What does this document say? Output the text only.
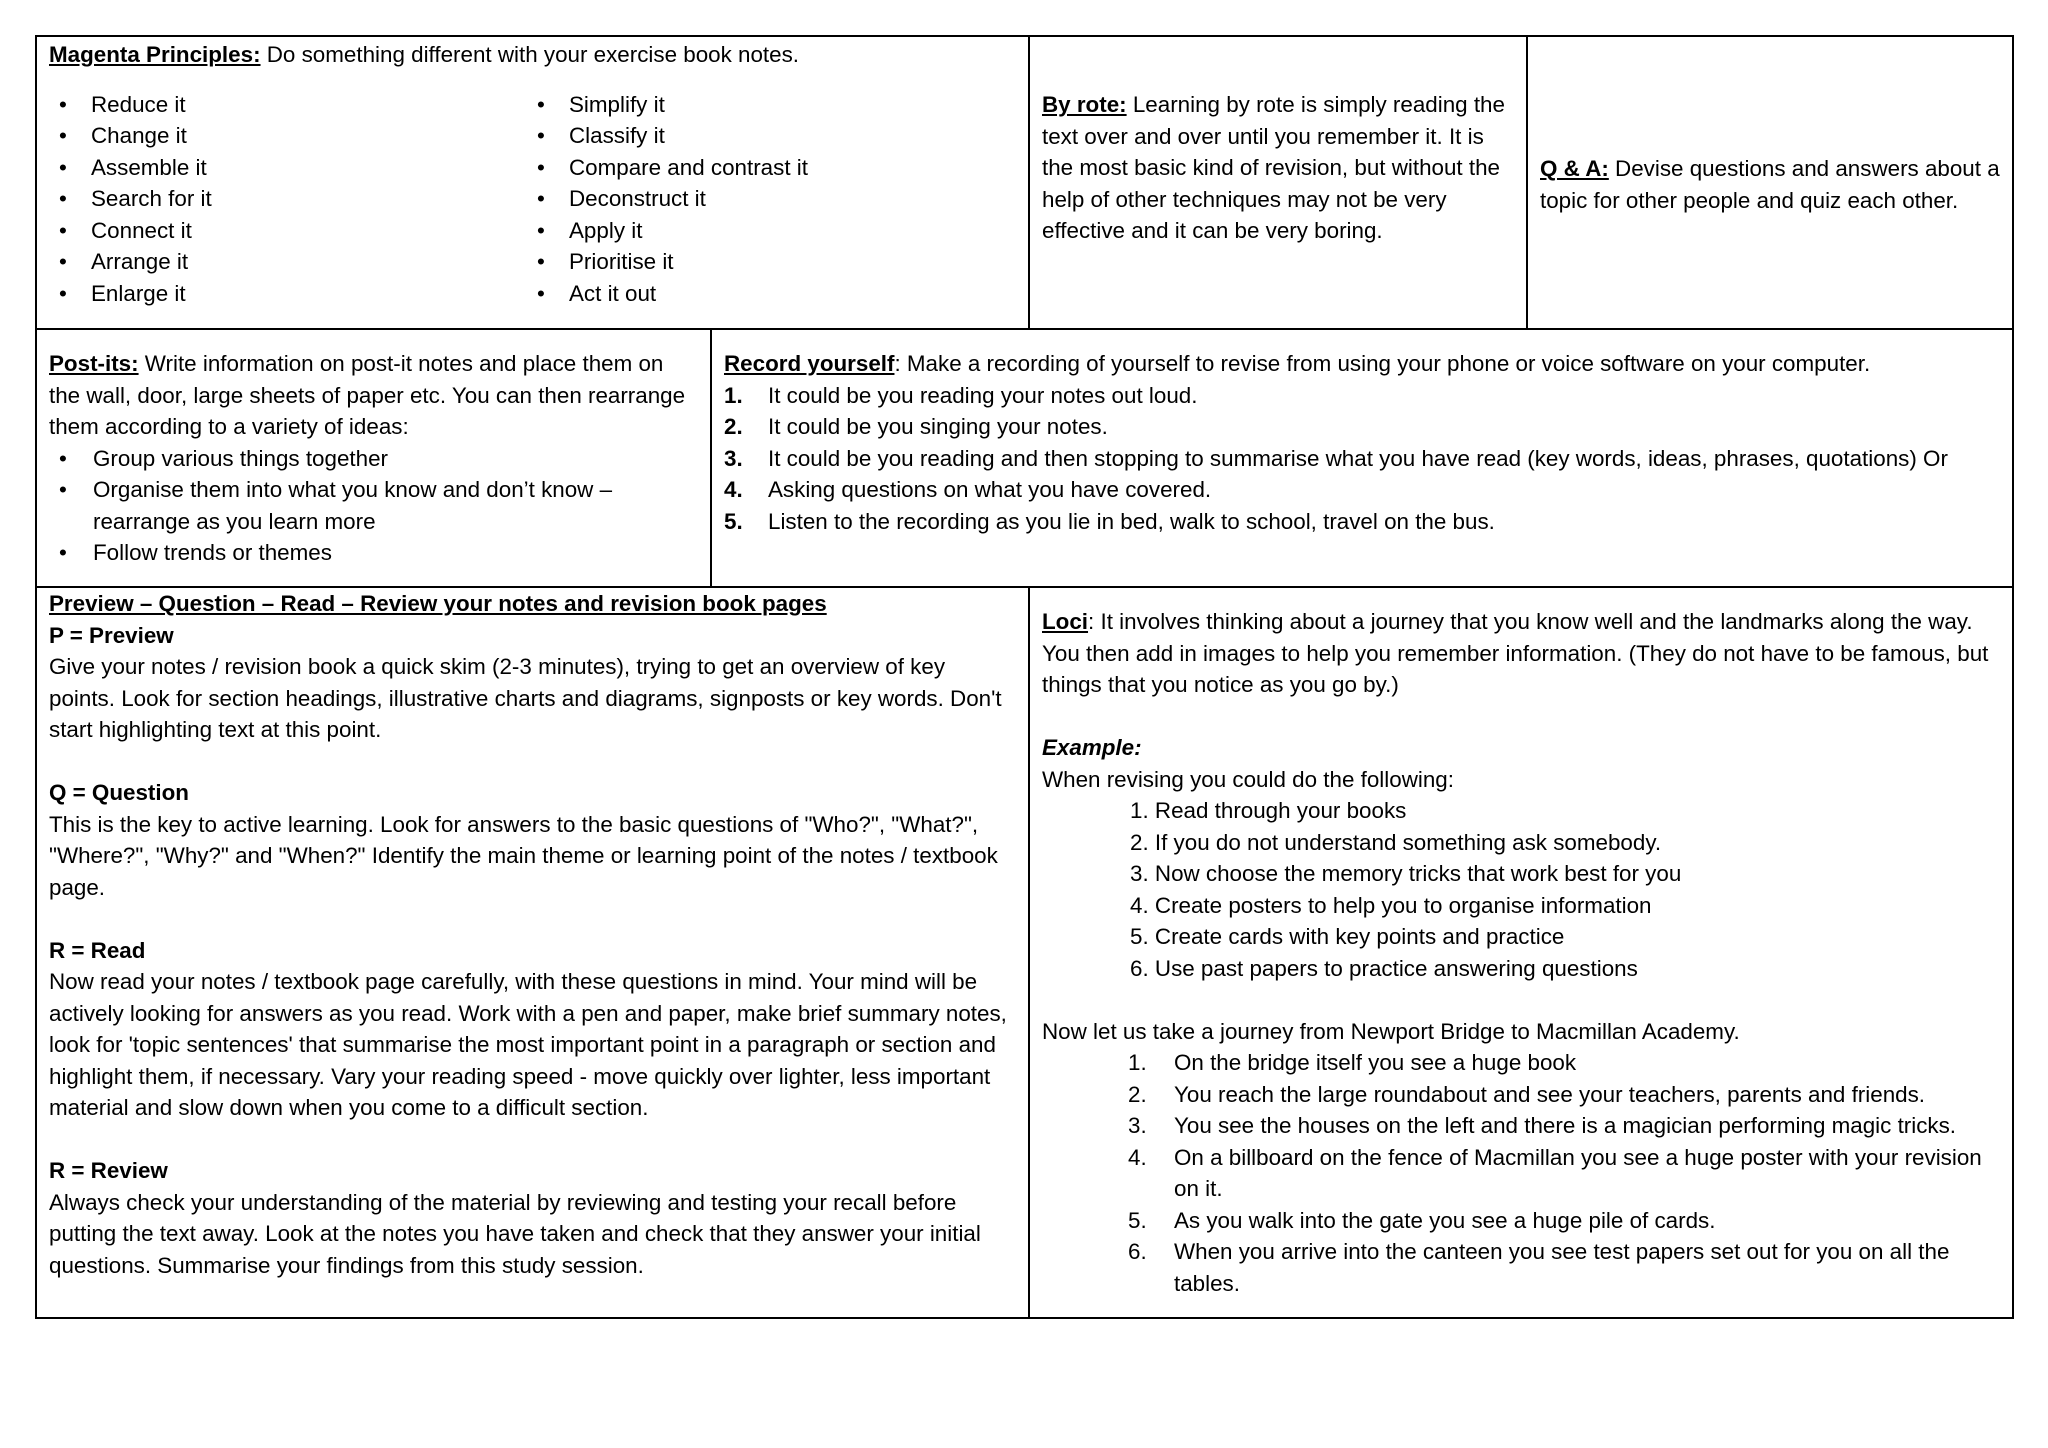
Magenta Principles: Do something different with your exercise book notes.

• Reduce it
• Change it
• Assemble it
• Search for it
• Connect it
• Arrange it
• Enlarge it
• Simplify it
• Classify it
• Compare and contrast it
• Deconstruct it
• Apply it
• Prioritise it
• Act it out

By rote: Learning by rote is simply reading the text over and over until you remember it. It is the most basic kind of revision, but without the help of other techniques may not be very effective and it can be very boring.

Q & A: Devise questions and answers about a topic for other people and quiz each other.

Post-its: Write information on post-it notes and place them on the wall, door, large sheets of paper etc. You can then rearrange them according to a variety of ideas:

• Group various things together
• Organise them into what you know and don’t know – rearrange as you learn more
• Follow trends or themes

Record yourself: Make a recording of yourself to revise from using your phone or voice software on your computer.

1. It could be you reading your notes out loud.
2. It could be you singing your notes.
3. It could be you reading and then stopping to summarise what you have read (key words, ideas, phrases, quotations) Or
4. Asking questions on what you have covered.
5. Listen to the recording as you lie in bed, walk to school, travel on the bus.

Preview – Question – Read – Review your notes and revision book pages

P = Preview

Give your notes / revision book a quick skim (2-3 minutes), trying to get an overview of key points. Look for section headings, illustrative charts and diagrams, signposts or key words. Don't start highlighting text at this point.

Q = Question

This is the key to active learning. Look for answers to the basic questions of "Who?", "What?", "Where?", "Why?" and "When?" Identify the main theme or learning point of the notes / textbook page.

R = Read

Now read your notes / textbook page carefully, with these questions in mind. Your mind will be actively looking for answers as you read. Work with a pen and paper, make brief summary notes, look for 'topic sentences' that summarise the most important point in a paragraph or section and highlight them, if necessary. Vary your reading speed - move quickly over lighter, less important material and slow down when you come to a difficult section.

R = Review

Always check your understanding of the material by reviewing and testing your recall before putting the text away. Look at the notes you have taken and check that they answer your initial questions. Summarise your findings from this study session.

Loci: It involves thinking about a journey that you know well and the landmarks along the way. You then add in images to help you remember information. (They do not have to be famous, but things that you notice as you go by.)

Example:

When revising you could do the following:

1. Read through your books
2. If you do not understand something ask somebody.
3. Now choose the memory tricks that work best for you
4. Create posters to help you to organise information
5. Create cards with key points and practice
6. Use past papers to practice answering questions

Now let us take a journey from Newport Bridge to Macmillan Academy.

1. On the bridge itself you see a huge book
2. You reach the large roundabout and see your teachers, parents and friends.
3. You see the houses on the left and there is a magician performing magic tricks.
4. On a billboard on the fence of Macmillan you see a huge poster with your revision on it.
5. As you walk into the gate you see a huge pile of cards.
6. When you arrive into the canteen you see test papers set out for you on all the tables.
